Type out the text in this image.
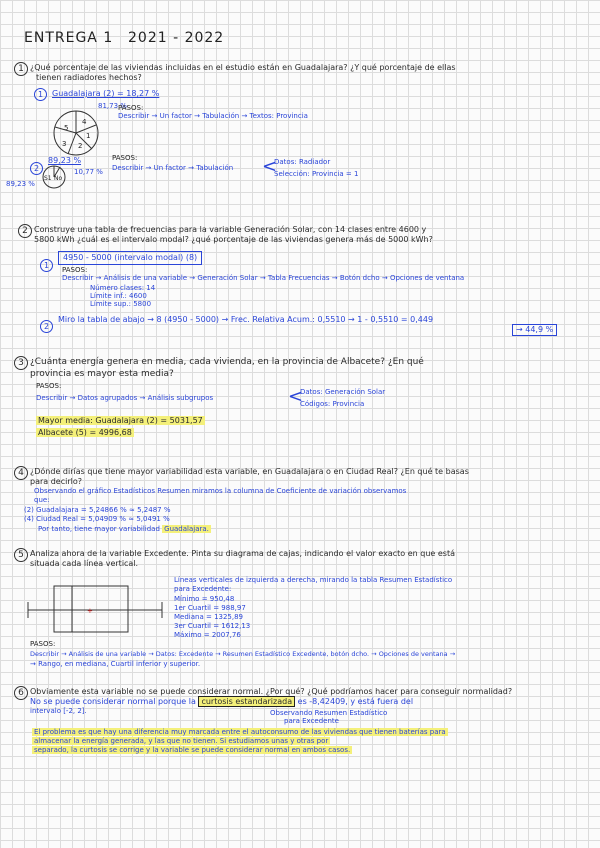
ENTREGA 1 2021 - 2022
1 ¿Qué porcentaje de las viviendas incluidas en el estudio están en Guadalajara? ¿Y qué porcentaje de ellas
tienen radiadores hechos?
1	Guadalajara (2) = 18,27 %
81,73 %
PASOS:
Describir → Un factor → Tabulación → Textos: Provincia
5
4
1
2
3
2
89,23 %
10,77 %
89,23 %
S1 No
PASOS:
Describir → Un factor → Tabulación
Datos: Radiador
Selección: Provincia = 1
<
2 Construye una tabla de frecuencias para la variable Generación Solar, con 14 clases entre 4600 y
5800 kWh ¿cuál es el intervalo modal? ¿qué porcentaje de las viviendas genera más de 5000 kWh?
1
4950 - 5000 (intervalo modal) (8)
PASOS:
Describir → Análisis de una variable → Generación Solar → Tabla Frecuencias → Botón dcho → Opciones de ventana
Número clases: 14
Límite inf.: 4600
Límite sup.: 5800
2
Miro la tabla de abajo → 8 (4950 - 5000) → Frec. Relativa Acum.: 0,5510 → 1 - 0,5510 = 0,449
→ 44,9 %
3 ¿Cuánta energía genera en media, cada vivienda, en la provincia de Albacete? ¿En qué
provincia es mayor esta media?
PASOS:
Describir → Datos agrupados → Análisis subgrupos
Datos: Generación Solar
Códigos: Provincia
<
Mayor media: Guadalajara (2) = 5031,57
Albacete (5) = 4996,68
4 ¿Dónde dirías que tiene mayor variabilidad esta variable, en Guadalajara o en Ciudad Real? ¿En qué te basas
para decirlo?
Observando el gráfico Estadísticos Resumen miramos la columna de Coeficiente de variación observamos
que:
(2) Guadalajara = 5,24866 % ≈ 5,2487 %
(4) Ciudad Real = 5,04909 % ≈ 5,0491 %
Por tanto, tiene mayor variabilidad Guadalajara.
5 Analiza ahora de la variable Excedente. Pinta su diagrama de cajas, indicando el valor exacto en que está
situada cada línea vertical.
+
Líneas verticales de izquierda a derecha, mirando la tabla Resumen Estadístico
para Excedente:
Mínimo = 950,48
1er Cuartil = 988,97
Mediana = 1325,89
3er Cuartil = 1612,13
Máximo = 2007,76
PASOS:
Describir → Análisis de una variable → Datos: Excedente → Resumen Estadístico Excedente, botón dcho. → Opciones de ventana →
→ Rango, en mediana, Cuartil inferior y superior.
6 Obviamente esta variable no se puede considerar normal. ¿Por qué? ¿Qué podríamos hacer para conseguir normalidad?
No se puede considerar normal porque la curtosis estandarizada es -8,42409, y está fuera del
intervalo [-2, 2].	Observando Resumen Estadístico
para Excedente
El problema es que hay una diferencia muy marcada entre el autoconsumo de las viviendas que tienen baterías para
almacenar la energía generada, y las que no tienen. Si estudiamos unas y otras por
separado, la curtosis se corrige y la variable se puede considerar normal en ambos casos.
